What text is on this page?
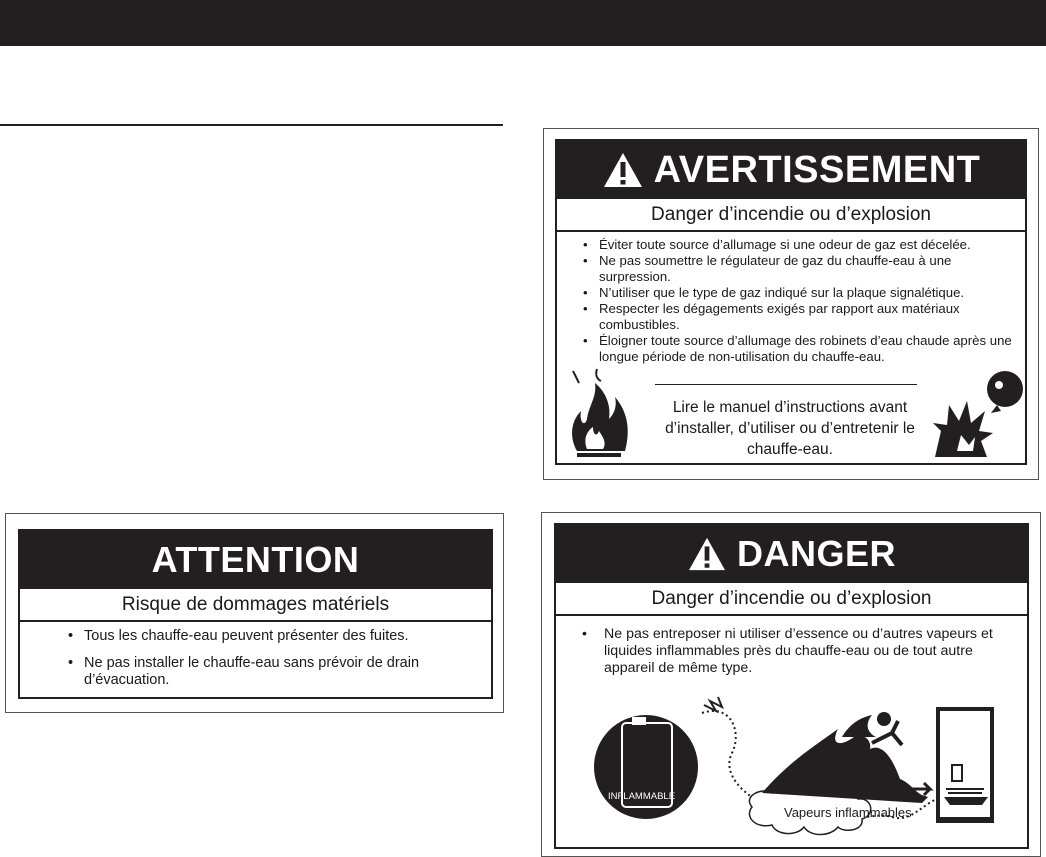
AVERTISSEMENT
Danger d’incendie ou d’explosion
• Éviter toute source d’allumage si une odeur de gaz est décelée.
• Ne pas soumettre le régulateur de gaz du chauffe-eau à une surpression.
• N’utiliser que le type de gaz indiqué sur la plaque signalétique.
• Respecter les dégagements exigés par rapport aux matériaux combustibles.
• Éloigner toute source d’allumage des robinets d’eau chaude après une longue période de non-utilisation du chauffe-eau.
Lire le manuel d’instructions avant d’installer, d’utiliser ou d’entretenir le chauffe-eau.
ATTENTION
Risque de dommages matériels
• Tous les chauffe-eau peuvent présenter des fuites.
• Ne pas installer le chauffe-eau sans prévoir de drain d’évacuation.
DANGER
Danger d’incendie ou d’explosion
• Ne pas entreposer ni utiliser d’essence ou d’autres vapeurs et liquides inflammables près du chauffe-eau ou de tout autre appareil de même type.
Vapeurs inflammables
INFLAMMABLE
